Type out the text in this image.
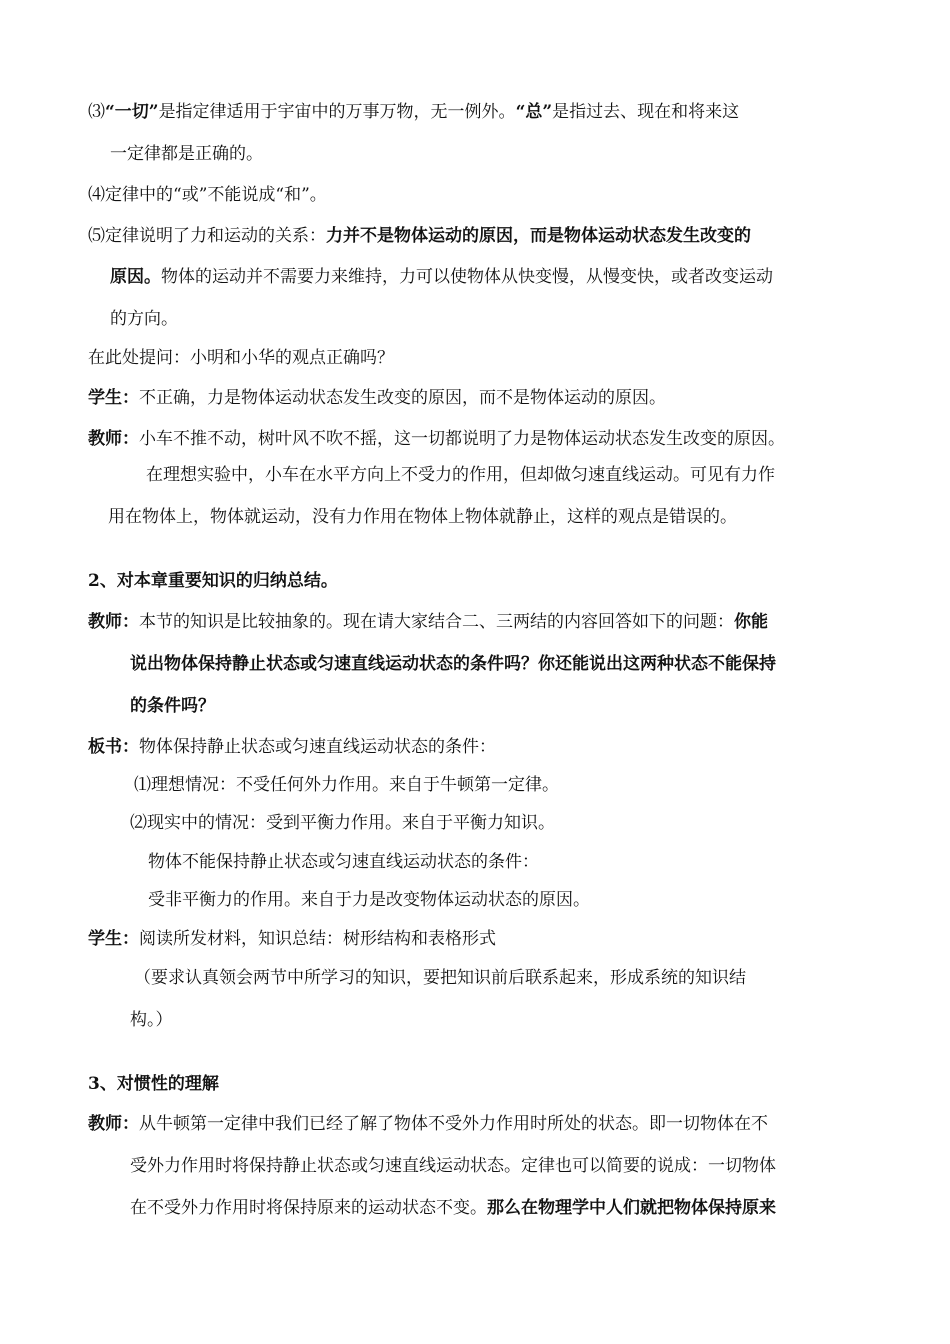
⑶“一切”是指定律适用于宇宙中的万事万物，无一例外。“总”是指过去、现在和将来这
一定律都是正确的。
⑷定律中的“或”不能说成“和”。
⑸定律说明了力和运动的关系：力并不是物体运动的原因，而是物体运动状态发生改变的
原因。物体的运动并不需要力来维持，力可以使物体从快变慢，从慢变快，或者改变运动
的方向。
在此处提问：小明和小华的观点正确吗？
学生：不正确，力是物体运动状态发生改变的原因，而不是物体运动的原因。
教师：小车不推不动，树叶风不吹不摇，这一切都说明了力是物体运动状态发生改变的原因。
在理想实验中，小车在水平方向上不受力的作用，但却做匀速直线运动。可见有力作
用在物体上，物体就运动，没有力作用在物体上物体就静止，这样的观点是错误的。
2、对本章重要知识的归纳总结。
教师：本节的知识是比较抽象的。现在请大家结合二、三两结的内容回答如下的问题：你能
说出物体保持静止状态或匀速直线运动状态的条件吗？你还能说出这两种状态不能保持
的条件吗？
板书：物体保持静止状态或匀速直线运动状态的条件：
⑴理想情况：不受任何外力作用。来自于牛顿第一定律。
⑵现实中的情况：受到平衡力作用。来自于平衡力知识。
物体不能保持静止状态或匀速直线运动状态的条件：
受非平衡力的作用。来自于力是改变物体运动状态的原因。
学生：阅读所发材料，知识总结：树形结构和表格形式
（要求认真领会两节中所学习的知识，要把知识前后联系起来，形成系统的知识结
构。）
3、对惯性的理解
教师：从牛顿第一定律中我们已经了解了物体不受外力作用时所处的状态。即一切物体在不
受外力作用时将保持静止状态或匀速直线运动状态。定律也可以简要的说成：一切物体
在不受外力作用时将保持原来的运动状态不变。那么在物理学中人们就把物体保持原来
